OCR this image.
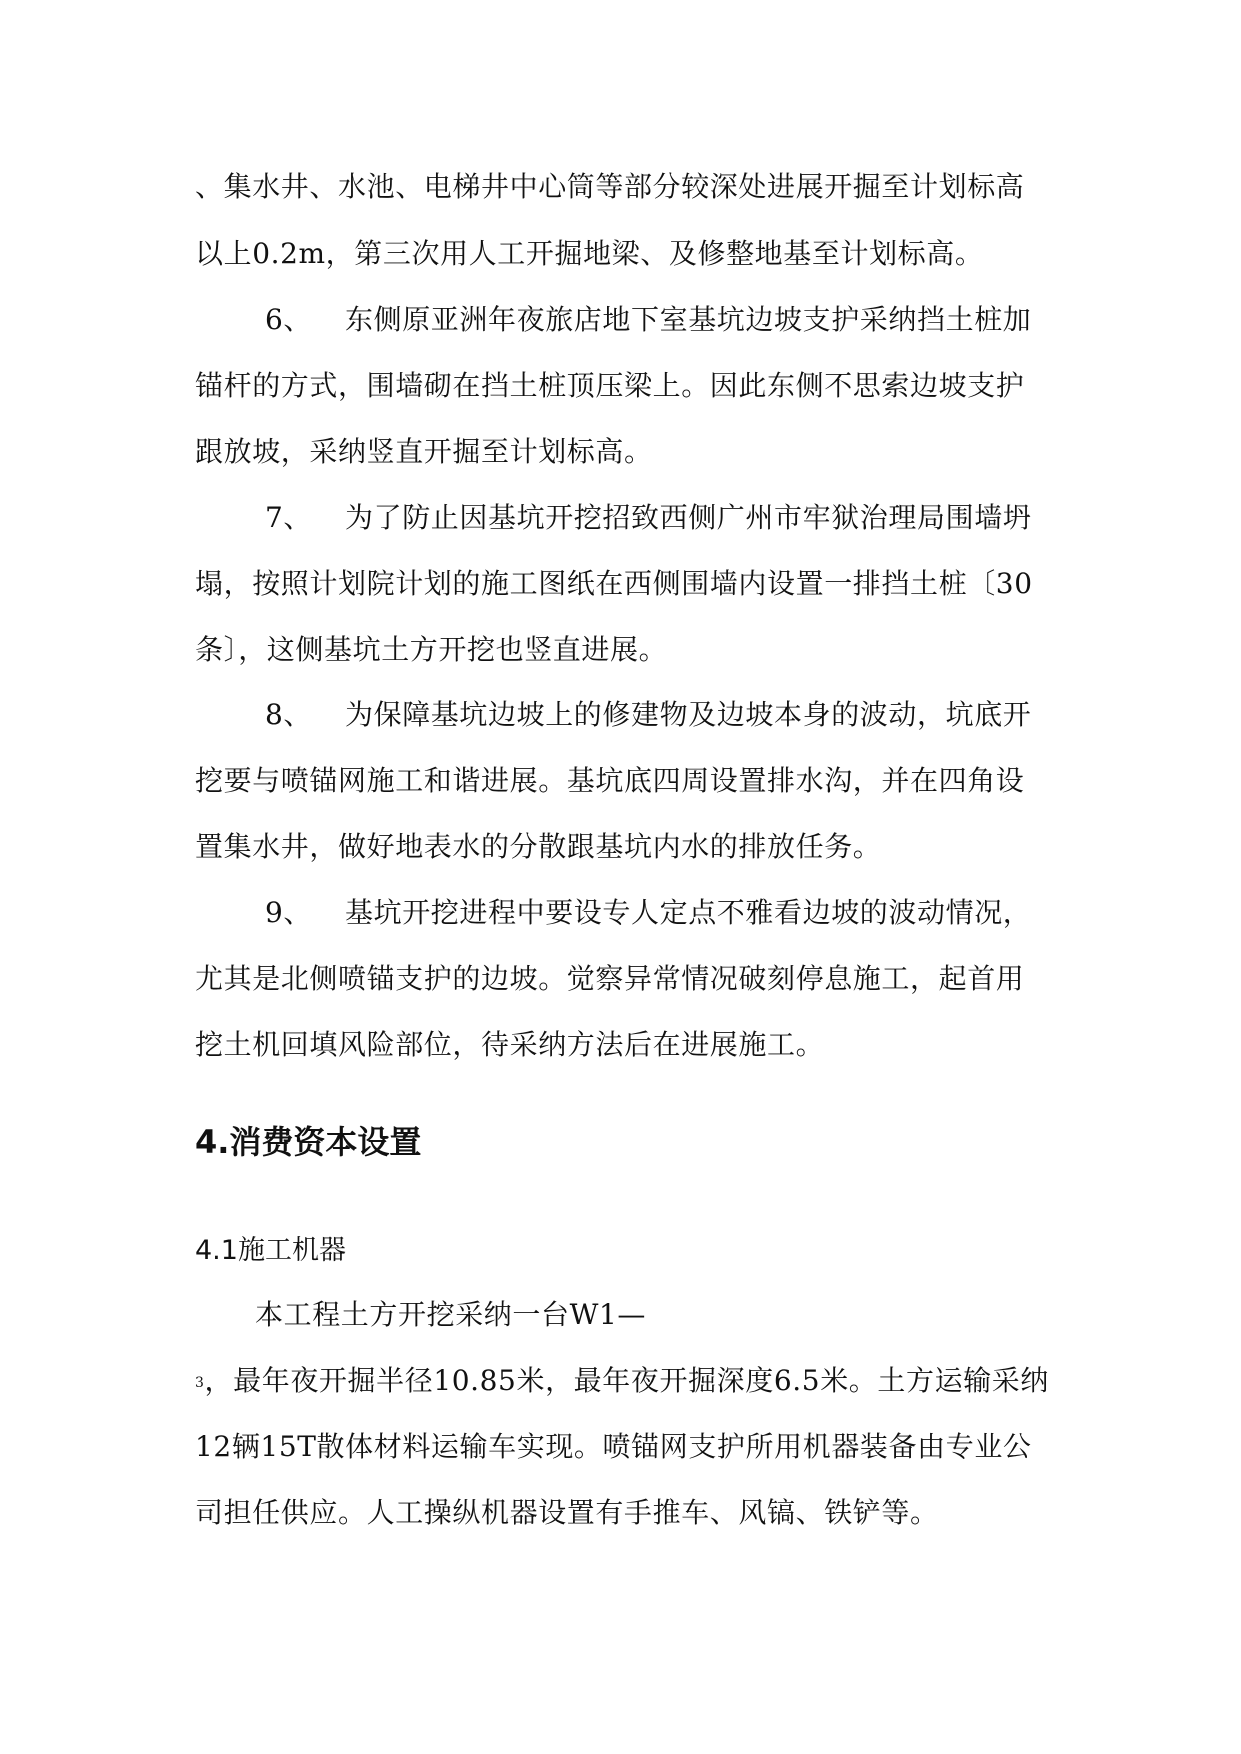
、集水井、水池、电梯井中心筒等部分较深处进展开掘至计划标高
以上0.2m，第三次用人工开掘地梁、及修整地基至计划标高。
6、 东侧原亚洲年夜旅店地下室基坑边坡支护采纳挡土桩加
锚杆的方式，围墙砌在挡土桩顶压梁上。因此东侧不思索边坡支护
跟放坡，采纳竖直开掘至计划标高。
7、 为了防止因基坑开挖招致西侧广州市牢狱治理局围墙坍
塌，按照计划院计划的施工图纸在西侧围墙内设置一排挡土桩〔30
条〕，这侧基坑土方开挖也竖直进展。
8、 为保障基坑边坡上的修建物及边坡本身的波动，坑底开
挖要与喷锚网施工和谐进展。基坑底四周设置排水沟，并在四角设
置集水井，做好地表水的分散跟基坑内水的排放任务。
9、 基坑开挖进程中要设专人定点不雅看边坡的波动情况，
尤其是北侧喷锚支护的边坡。觉察异常情况破刻停息施工，起首用
挖土机回填风险部位，待采纳方法后在进展施工。
4.消费资本设置
4.1施工机器
本工程土方开挖采纳一台W1—
$^3$，最年夜开掘半径10.85米，最年夜开掘深度6.5米。土方运输采纳
12辆15T散体材料运输车实现。喷锚网支护所用机器装备由专业公
司担任供应。人工操纵机器设置有手推车、风镐、铁铲等。
